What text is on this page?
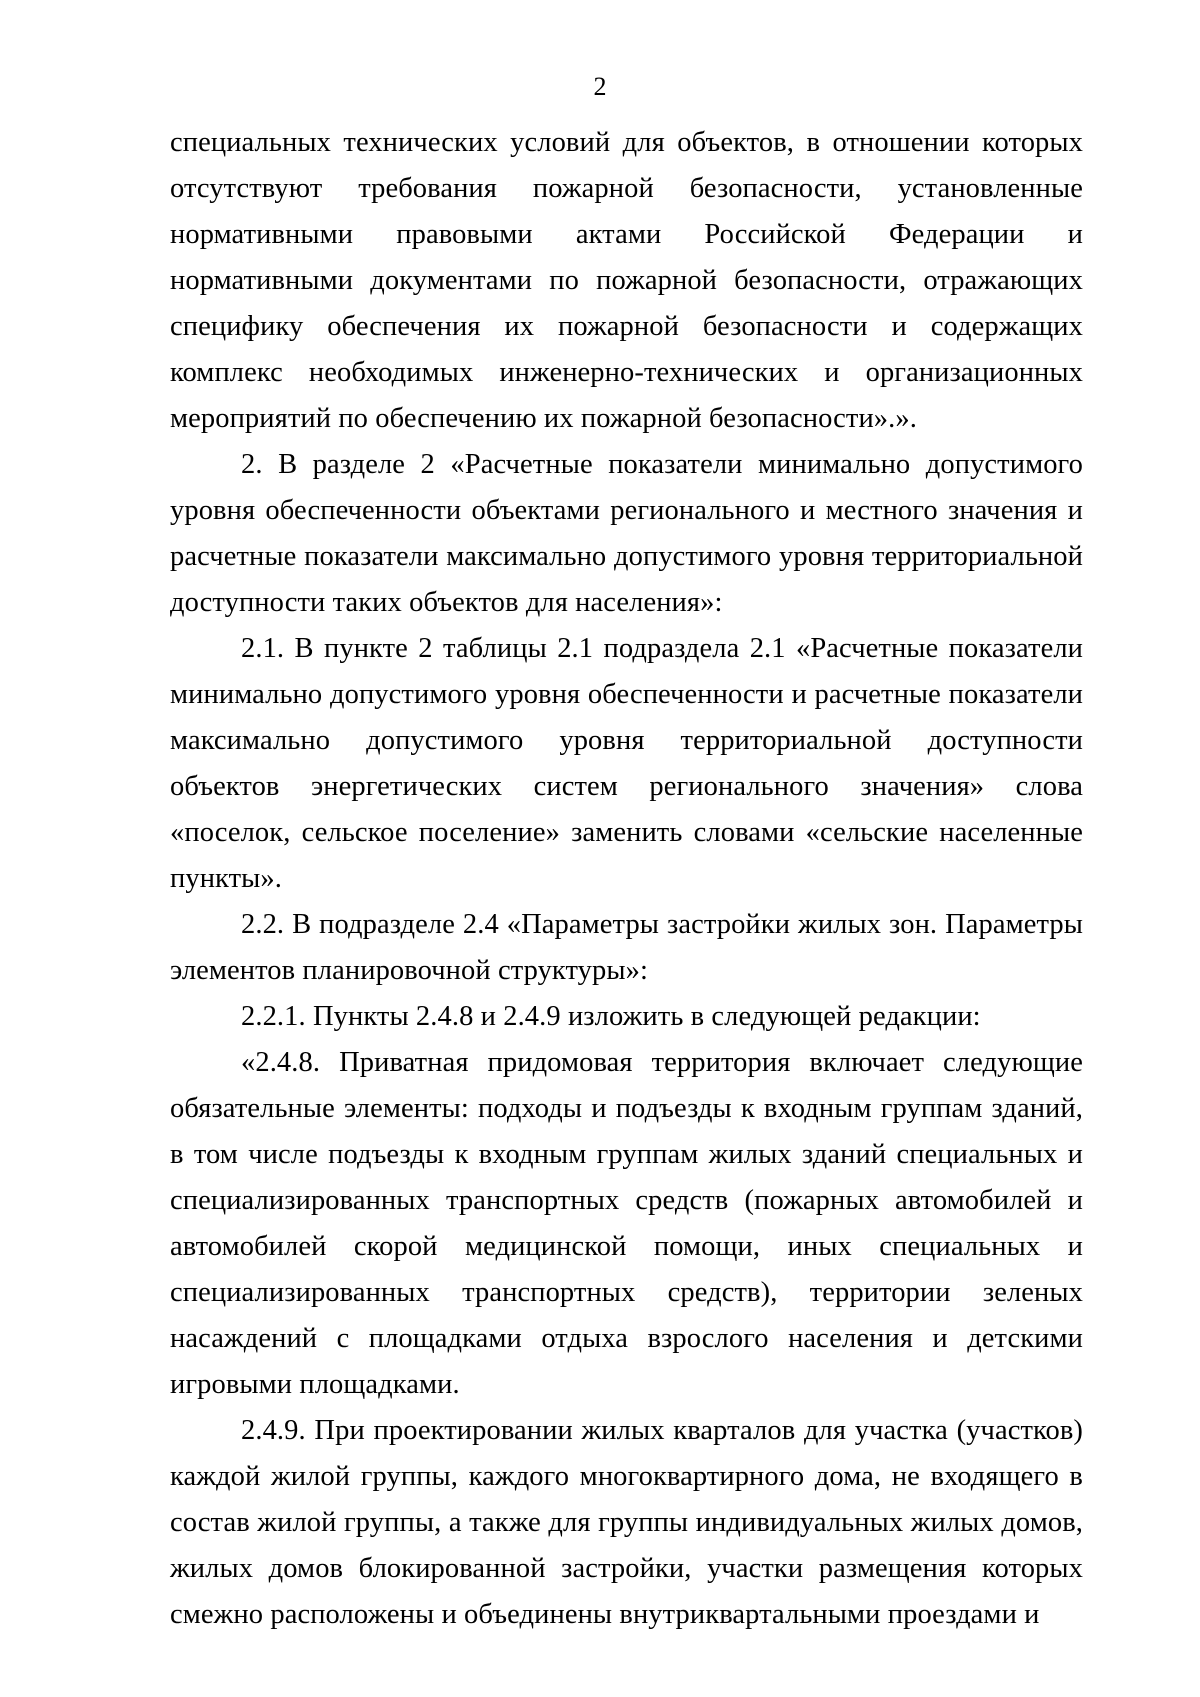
2

специальных технических условий для объектов, в отношении которых отсутствуют требования пожарной безопасности, установленные нормативными правовыми актами Российской Федерации и нормативными документами по пожарной безопасности, отражающих специфику обеспечения их пожарной безопасности и содержащих комплекс необходимых инженерно-технических и организационных мероприятий по обеспечению их пожарной безопасности».».

2. В разделе 2 «Расчетные показатели минимально допустимого уровня обеспеченности объектами регионального и местного значения и расчетные показатели максимально допустимого уровня территориальной доступности таких объектов для населения»:

2.1. В пункте 2 таблицы 2.1 подраздела 2.1 «Расчетные показатели минимально допустимого уровня обеспеченности и расчетные показатели максимально допустимого уровня территориальной доступности объектов энергетических систем регионального значения» слова «поселок, сельское поселение» заменить словами «сельские населенные пункты».

2.2. В подразделе 2.4 «Параметры застройки жилых зон. Параметры элементов планировочной структуры»:

2.2.1. Пункты 2.4.8 и 2.4.9 изложить в следующей редакции:

«2.4.8. Приватная придомовая территория включает следующие обязательные элементы: подходы и подъезды к входным группам зданий, в том числе подъезды к входным группам жилых зданий специальных и специализированных транспортных средств (пожарных автомобилей и автомобилей скорой медицинской помощи, иных специальных и специализированных транспортных средств), территории зеленых насаждений с площадками отдыха взрослого населения и детскими игровыми площадками.

2.4.9. При проектировании жилых кварталов для участка (участков) каждой жилой группы, каждого многоквартирного дома, не входящего в состав жилой группы, а также для группы индивидуальных жилых домов, жилых домов блокированной застройки, участки размещения которых смежно расположены и объединены внутриквартальными проездами и
